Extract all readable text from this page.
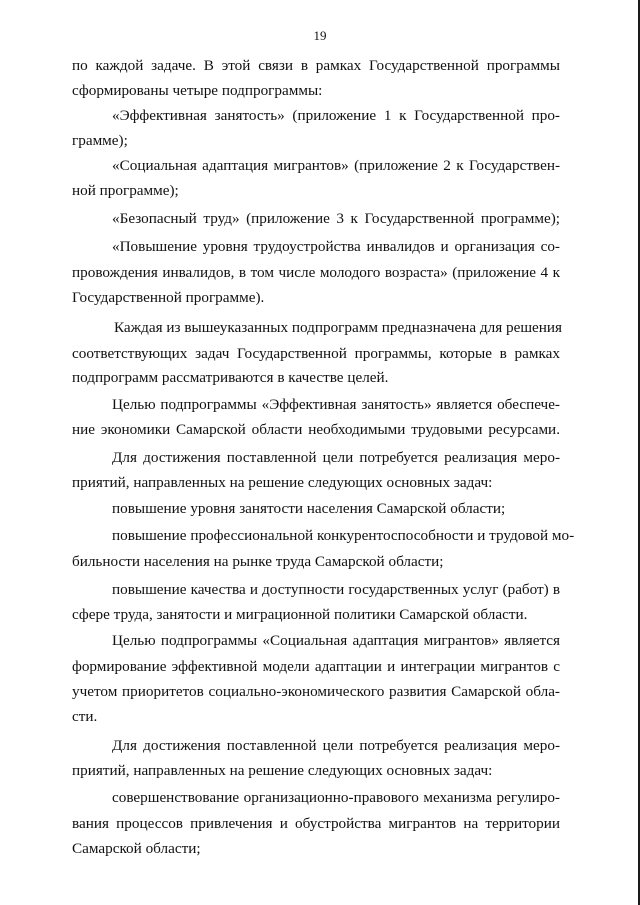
19
по каждой задаче. В этой связи в рамках Государственной программы
сформированы четыре подпрограммы:
«Эффективная занятость» (приложение 1 к Государственной про-
грамме);
«Социальная адаптация мигрантов» (приложение 2 к Государствен-
ной программе);
«Безопасный труд» (приложение 3 к Государственной программе);
«Повышение уровня трудоустройства инвалидов и организация со-
провождения инвалидов, в том числе молодого возраста» (приложение 4 к
Государственной программе).
Каждая из вышеуказанных подпрограмм предназначена для решения
соответствующих задач Государственной программы, которые в рамках
подпрограмм рассматриваются в качестве целей.
Целью подпрограммы «Эффективная занятость» является обеспече-
ние экономики Самарской области необходимыми трудовыми ресурсами.
Для достижения поставленной цели потребуется реализация меро-
приятий, направленных на решение следующих основных задач:
повышение уровня занятости населения Самарской области;
повышение профессиональной конкурентоспособности и трудовой мо-
бильности населения на рынке труда Самарской области;
повышение качества и доступности государственных услуг (работ) в
сфере труда, занятости и миграционной политики Самарской области.
Целью подпрограммы «Социальная адаптация мигрантов» является
формирование эффективной модели адаптации и интеграции мигрантов с
учетом приоритетов социально-экономического развития Самарской обла-
сти.
Для достижения поставленной цели потребуется реализация меро-
приятий, направленных на решение следующих основных задач:
совершенствование организационно-правового механизма регулиро-
вания процессов привлечения и обустройства мигрантов на территории
Самарской области;
